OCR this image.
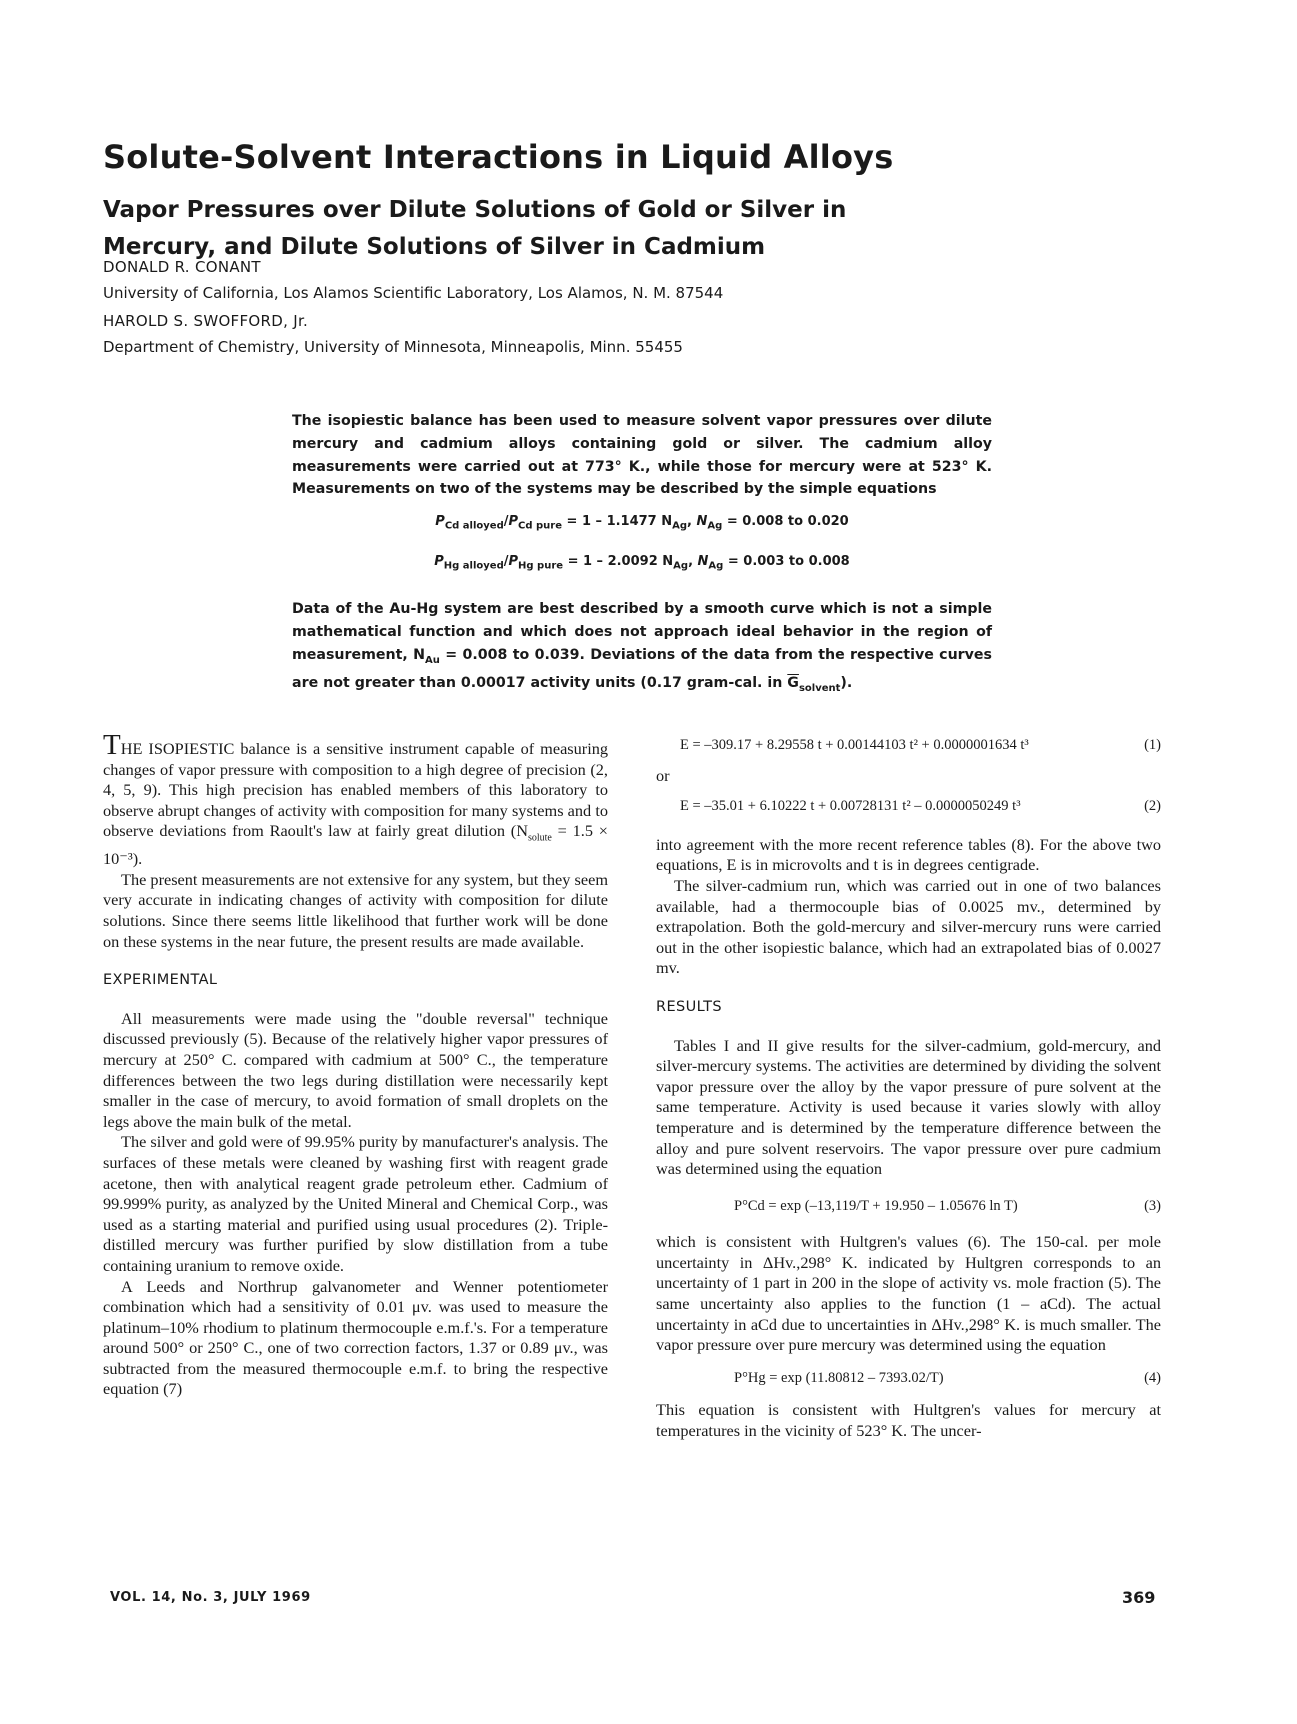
Solute-Solvent Interactions in Liquid Alloys
Vapor Pressures over Dilute Solutions of Gold or Silver in Mercury, and Dilute Solutions of Silver in Cadmium
DONALD R. CONANT
University of California, Los Alamos Scientific Laboratory, Los Alamos, N. M. 87544
HAROLD S. SWOFFORD, Jr.
Department of Chemistry, University of Minnesota, Minneapolis, Minn. 55455

The isopiestic balance has been used to measure solvent vapor pressures over dilute mercury and cadmium alloys containing gold or silver. The cadmium alloy measurements were carried out at 773° K., while those for mercury were at 523° K. Measurements on two of the systems may be described by the simple equations

$P_{Cd alloyed}/P_{Cd pure} = 1 - 1.1477$ $N_{Ag}$, $N_{Ag} = 0.008$ to 0.020
$P_{Hg alloyed}/P_{Hg pure} = 1 - 2.0092$ $N_{Ag}$, $N_{Ag} = 0.003$ to 0.008

Data of the Au-Hg system are best described by a smooth curve which is not a simple mathematical function and which does not approach ideal behavior in the region of measurement, $N_{Au} = 0.008$ to 0.039. Deviations of the data from the respective curves are not greater than 0.00017 activity units (0.17 gram-cal. in $\overline{G}_{solvent}$).

THE ISOPIESTIC balance is a sensitive instrument capable of measuring changes of vapor pressure with composition to a high degree of precision (2, 4, 5, 9). This high precision has enabled members of this laboratory to observe abrupt changes of activity with composition for many systems and to observe deviations from Raoult's law at fairly great dilution $(N_{solute} = 1.5 \times 10^{-3})$.

The present measurements are not extensive for any system, but they seem very accurate in indicating changes of activity with composition for dilute solutions. Since there seems little likelihood that further work will be done on these systems in the near future, the present results are made available.

EXPERIMENTAL

All measurements were made using the "double reversal" technique discussed previously (5). Because of the relatively higher vapor pressures of mercury at 250° C. compared with cadmium at 500° C., the temperature differences between the two legs during distillation were necessarily kept smaller in the case of mercury, to avoid formation of small droplets on the legs above the main bulk of the metal.

The silver and gold were of 99.95% purity by manufacturer's analysis. The surfaces of these metals were cleaned by washing first with reagent grade acetone, then with analytical reagent grade petroleum ether. Cadmium of 99.999% purity, as analyzed by the United Mineral and Chemical Corp., was used as a starting material and purified using usual procedures (2). Triple-distilled mercury was further purified by slow distillation from a tube containing uranium to remove oxide.

A Leeds and Northrup galvanometer and Wenner potentiometer combination which had a sensitivity of 0.01 μv. was used to measure the platinum–10% rhodium to platinum thermocouple e.m.f.'s. For a temperature around 500° or 250° C., one of two correction factors, 1.37 or 0.89 μv., was subtracted from the measured thermocouple e.m.f. to bring the respective equation (7)

E = –309.17 + 8.29558 t + 0.00144103 t² + 0.0000001634 t³	(1)
or
E = –35.01 + 6.10222 t + 0.00728131 t² – 0.0000050249 t³	(2)

into agreement with the more recent reference tables (8). For the above two equations, E is in microvolts and t is in degrees centigrade.

The silver-cadmium run, which was carried out in one of two balances available, had a thermocouple bias of 0.0025 mv., determined by extrapolation. Both the gold-mercury and silver-mercury runs were carried out in the other isopiestic balance, which had an extrapolated bias of 0.0027 mv.

RESULTS

Tables I and II give results for the silver-cadmium, gold-mercury, and silver-mercury systems. The activities are determined by dividing the solvent vapor pressure over the alloy by the vapor pressure of pure solvent at the same temperature. Activity is used because it varies slowly with alloy temperature and is determined by the temperature difference between the alloy and pure solvent reservoirs. The vapor pressure over pure cadmium was determined using the equation

P°Cd = exp (–13,119/T + 19.950 – 1.05676 ln T)	(3)

which is consistent with Hultgren's values (6). The 150-cal. per mole uncertainty in ΔHv.,298° K. indicated by Hultgren corresponds to an uncertainty of 1 part in 200 in the slope of activity vs. mole fraction (5). The same uncertainty also applies to the function (1 – aCd). The actual uncertainty in aCd due to uncertainties in ΔHv.,298° K. is much smaller. The vapor pressure over pure mercury was determined using the equation

P°Hg = exp (11.80812 – 7393.02/T)	(4)

This equation is consistent with Hultgren's values for mercury at temperatures in the vicinity of 523° K. The uncer-

VOL. 14, No. 3, JULY 1969	369
